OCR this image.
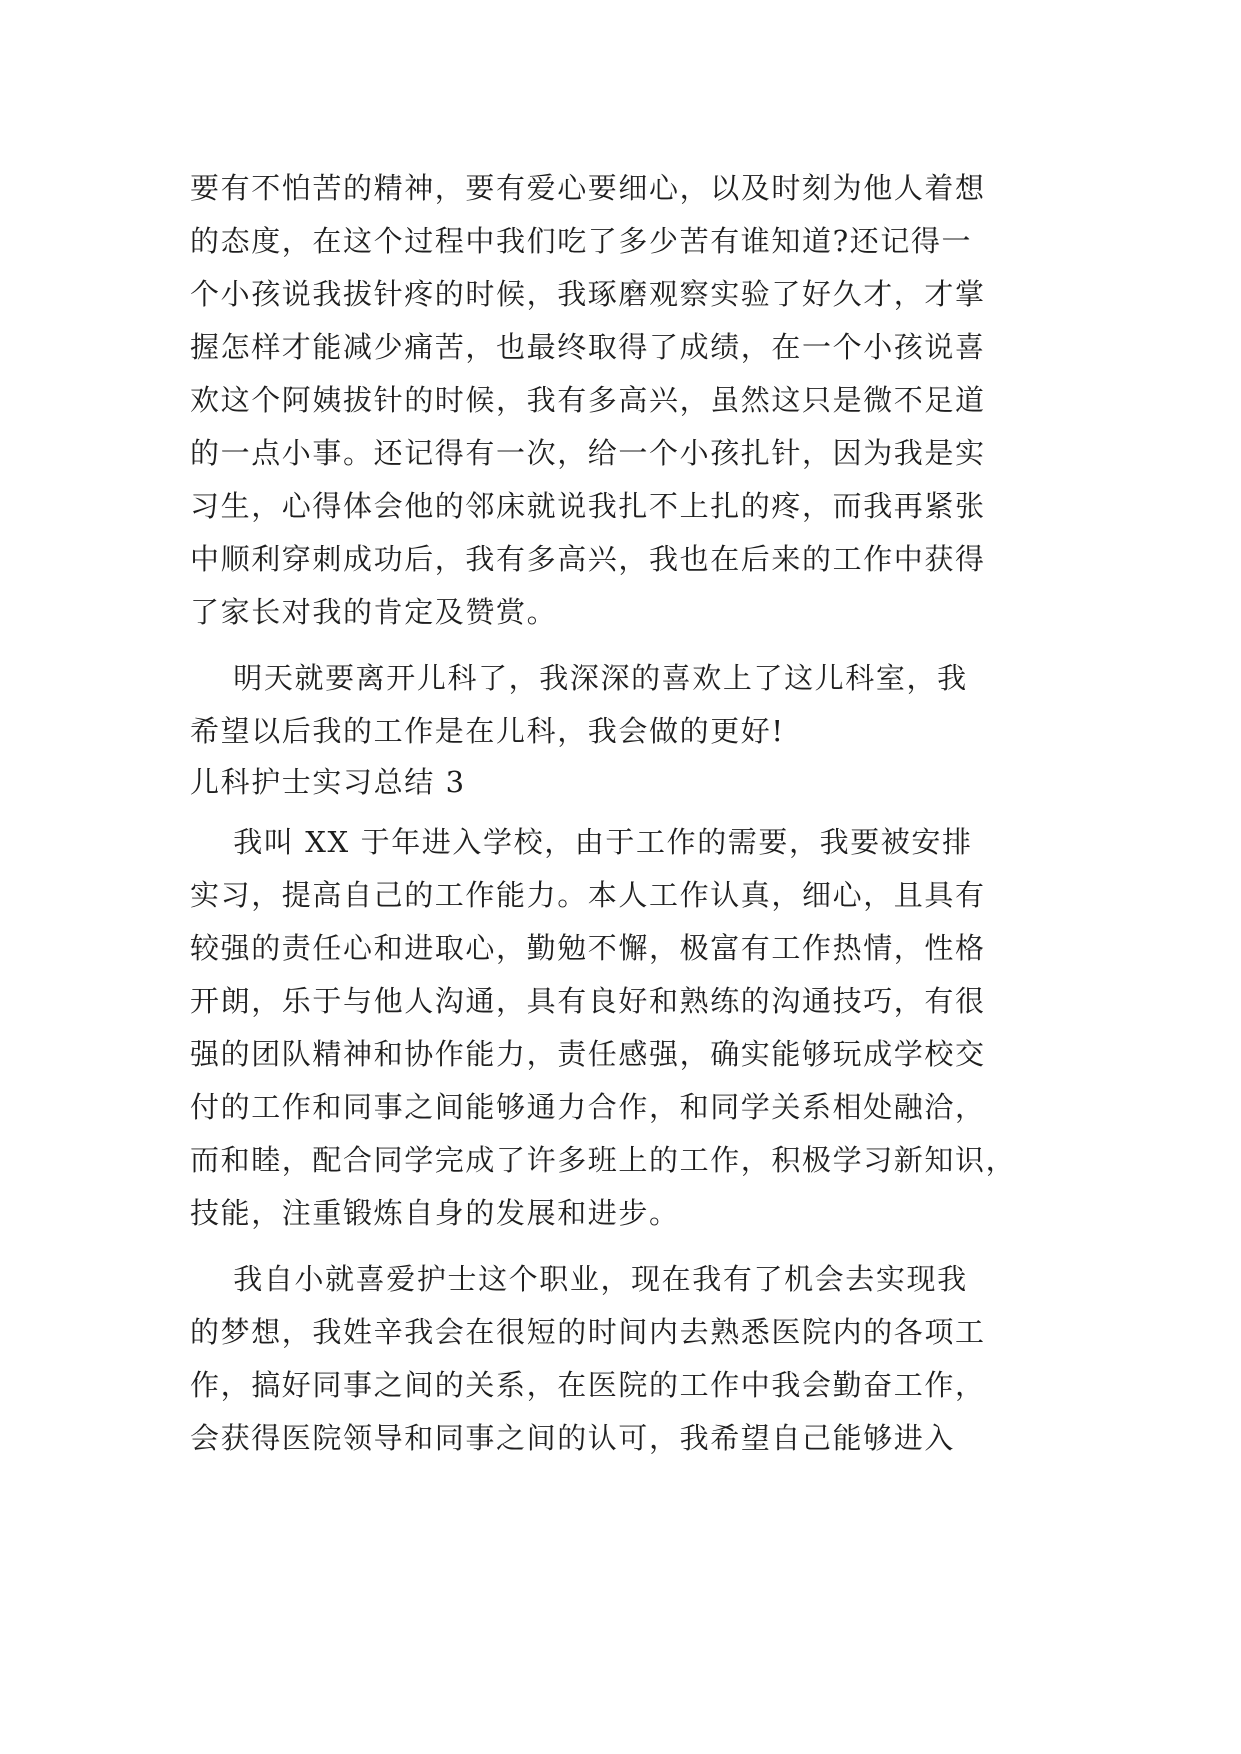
要有不怕苦的精神，要有爱心要细心，以及时刻为他人着想

的态度，在这个过程中我们吃了多少苦有谁知道?还记得一

个小孩说我拔针疼的时候，我琢磨观察实验了好久才，才掌

握怎样才能减少痛苦，也最终取得了成绩，在一个小孩说喜

欢这个阿姨拔针的时候，我有多高兴，虽然这只是微不足道

的一点小事。还记得有一次，给一个小孩扎针，因为我是实

习生，心得体会他的邻床就说我扎不上扎的疼，而我再紧张

中顺利穿刺成功后，我有多高兴，我也在后来的工作中获得

了家长对我的肯定及赞赏。

明天就要离开儿科了，我深深的喜欢上了这儿科室，我

希望以后我的工作是在儿科，我会做的更好!

儿科护士实习总结 3

我叫 XX 于年进入学校，由于工作的需要，我要被安排

实习，提高自己的工作能力。本人工作认真，细心，且具有

较强的责任心和进取心，勤勉不懈，极富有工作热情，性格

开朗，乐于与他人沟通，具有良好和熟练的沟通技巧，有很

强的团队精神和协作能力，责任感强，确实能够玩成学校交

付的工作和同事之间能够通力合作，和同学关系相处融洽，

而和睦，配合同学完成了许多班上的工作，积极学习新知识，

技能，注重锻炼自身的发展和进步。

我自小就喜爱护士这个职业，现在我有了机会去实现我

的梦想，我姓辛我会在很短的时间内去熟悉医院内的各项工

作，搞好同事之间的关系，在医院的工作中我会勤奋工作，

会获得医院领导和同事之间的认可，我希望自己能够进入
